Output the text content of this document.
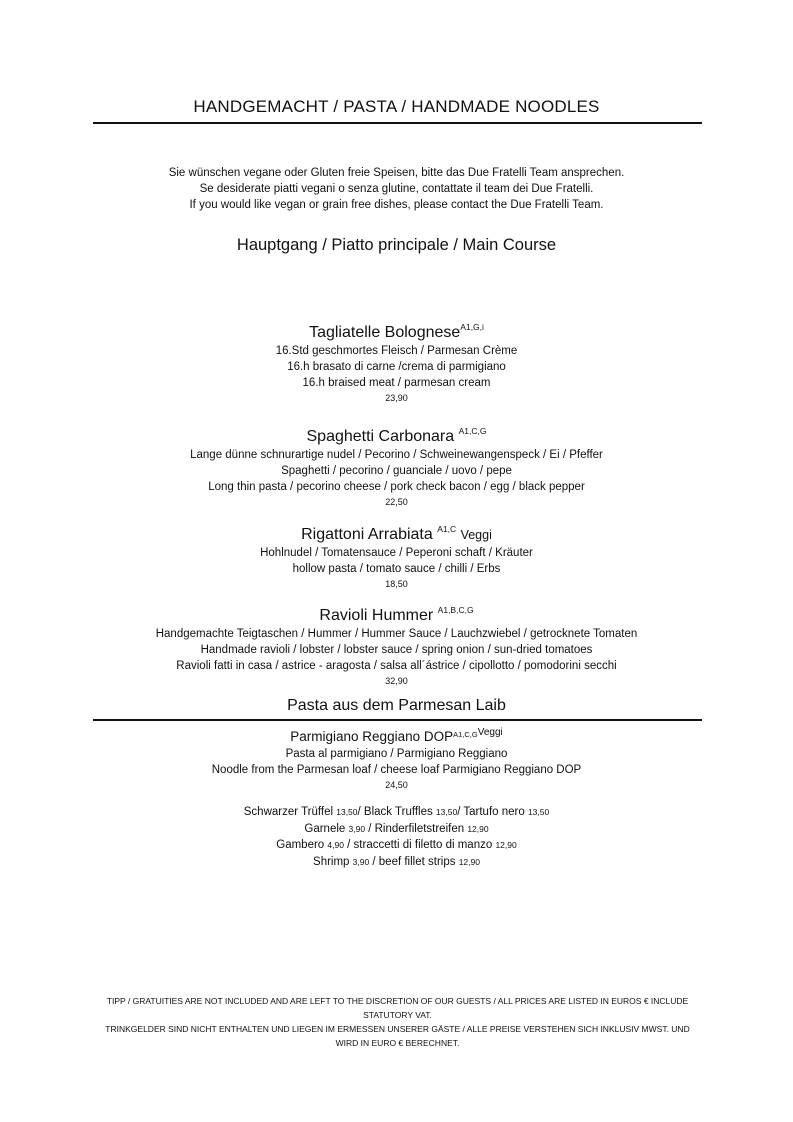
HANDGEMACHT / PASTA / HANDMADE NOODLES
Sie wünschen vegane oder Gluten freie Speisen, bitte das Due Fratelli Team ansprechen.
Se desiderate piatti vegani o senza glutine, contattate il team dei Due Fratelli.
If you would like vegan or grain free dishes, please contact the Due Fratelli Team.
Hauptgang / Piatto principale / Main Course
Tagliatelle Bolognese$^{A1,G,i}$
16.Std geschmortes Fleisch / Parmesan Crème
16.h brasato di carne /crema di parmigiano
16.h braised meat / parmesan cream
23,90
Spaghetti Carbonara $^{A1,C,G}$
Lange dünne schnurartige nudel / Pecorino / Schweinewangenspeck / Ei / Pfeffer
Spaghetti / pecorino / guanciale / uovo / pepe
Long thin pasta / pecorino cheese / pork check bacon / egg / black pepper
22,50
Rigattoni Arrabiata $^{A1,C}$ Veggi
Hohlnudel / Tomatensauce / Peperoni schaft / Kräuter
hollow pasta / tomato sauce / chilli / Erbs
18,50
Ravioli Hummer $^{A1,B,C,G}$
Handgemachte Teigtaschen / Hummer / Hummer Sauce / Lauchzwiebel / getrocknete Tomaten
Handmade ravioli / lobster / lobster sauce / spring onion / sun-dried tomatoes
Ravioli fatti in casa / astrice - aragosta / salsa all´ástrice / cipollotto / pomodorini secchi
32,90
Pasta aus dem Parmesan Laib
Parmigiano Reggiano $DOP^{A1,C,GVeggi}$
Pasta al parmigiano / Parmigiano Reggiano
Noodle from the Parmesan loaf / cheese loaf Parmigiano Reggiano DOP
24,50
Schwarzer Trüffel 13,50/ Black Truffles 13,50/ Tartufo nero 13,50
Garnele 3,90 / Rinderfiletstreifen 12,90
Gambero 4,90 / straccetti di filetto di manzo 12,90
Shrimp 3,90 / beef fillet strips 12,90
TIPP / GRATUITIES ARE NOT INCLUDED AND ARE LEFT TO THE DISCRETION OF OUR GUESTS / ALL PRICES ARE LISTED IN EUROS € INCLUDE STATUTORY VAT.
TRINKGELDER SIND NICHT ENTHALTEN UND LIEGEN IM ERMESSEN UNSERER GÄSTE / ALLE PREISE VERSTEHEN SICH INKLUSIV MWST. UND WIRD IN EURO € BERECHNET.
